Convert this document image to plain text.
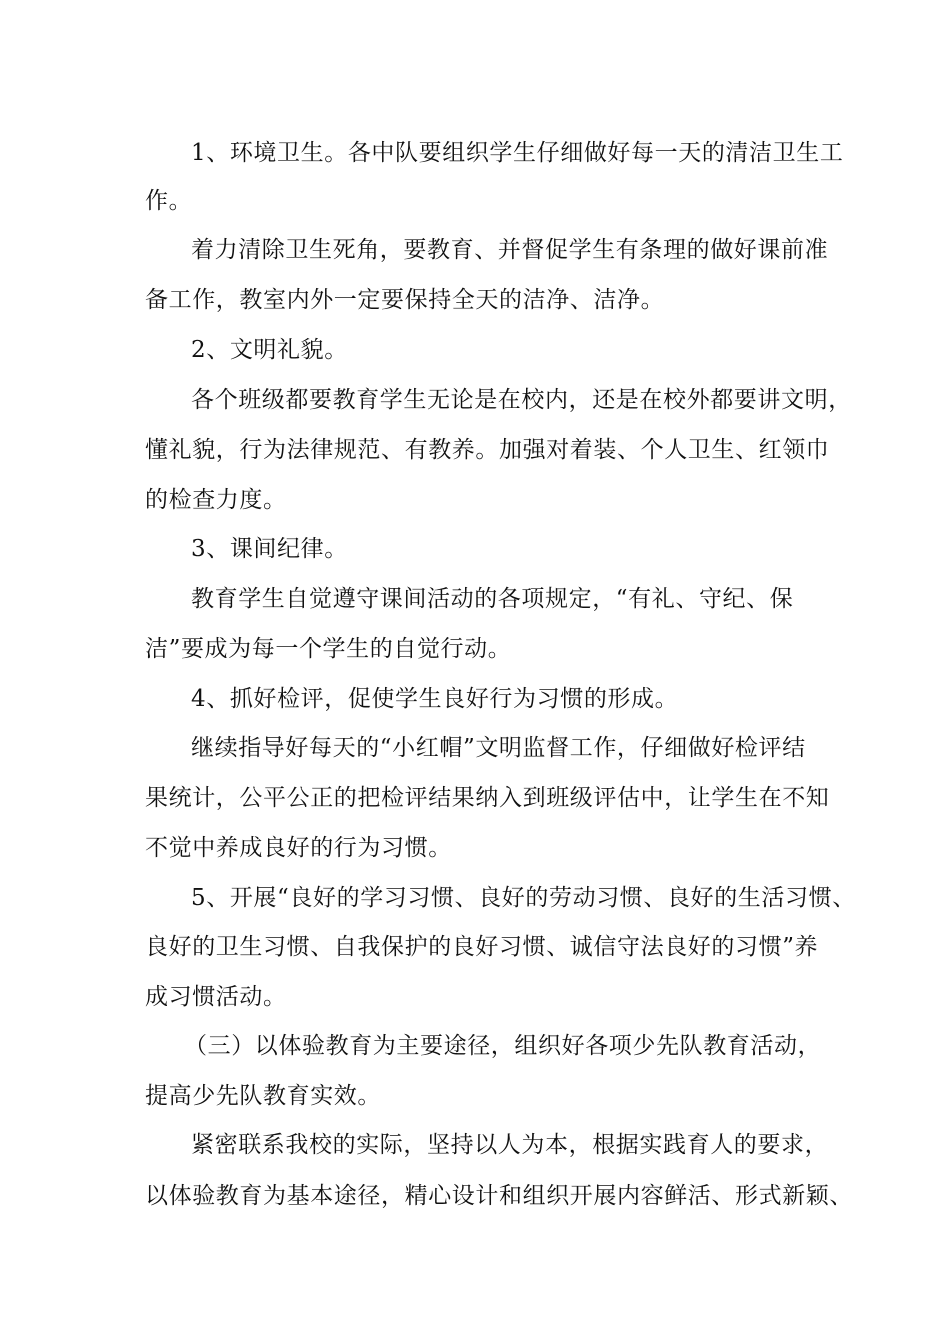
1、环境卫生。各中队要组织学生仔细做好每一天的清洁卫生工
作。
着力清除卫生死角，要教育、并督促学生有条理的做好课前准
备工作，教室内外一定要保持全天的洁净、洁净。
2、文明礼貌。
各个班级都要教育学生无论是在校内，还是在校外都要讲文明，
懂礼貌，行为法律规范、有教养。加强对着装、个人卫生、红领巾
的检查力度。
3、课间纪律。
教育学生自觉遵守课间活动的各项规定，“有礼、守纪、保
洁”要成为每一个学生的自觉行动。
4、抓好检评，促使学生良好行为习惯的形成。
继续指导好每天的“小红帽”文明监督工作，仔细做好检评结
果统计，公平公正的把检评结果纳入到班级评估中，让学生在不知
不觉中养成良好的行为习惯。
5、开展“良好的学习习惯、良好的劳动习惯、良好的生活习惯、
良好的卫生习惯、自我保护的良好习惯、诚信守法良好的习惯”养
成习惯活动。
（三）以体验教育为主要途径，组织好各项少先队教育活动，
提高少先队教育实效。
紧密联系我校的实际，坚持以人为本，根据实践育人的要求，
以体验教育为基本途径，精心设计和组织开展内容鲜活、形式新颖、
